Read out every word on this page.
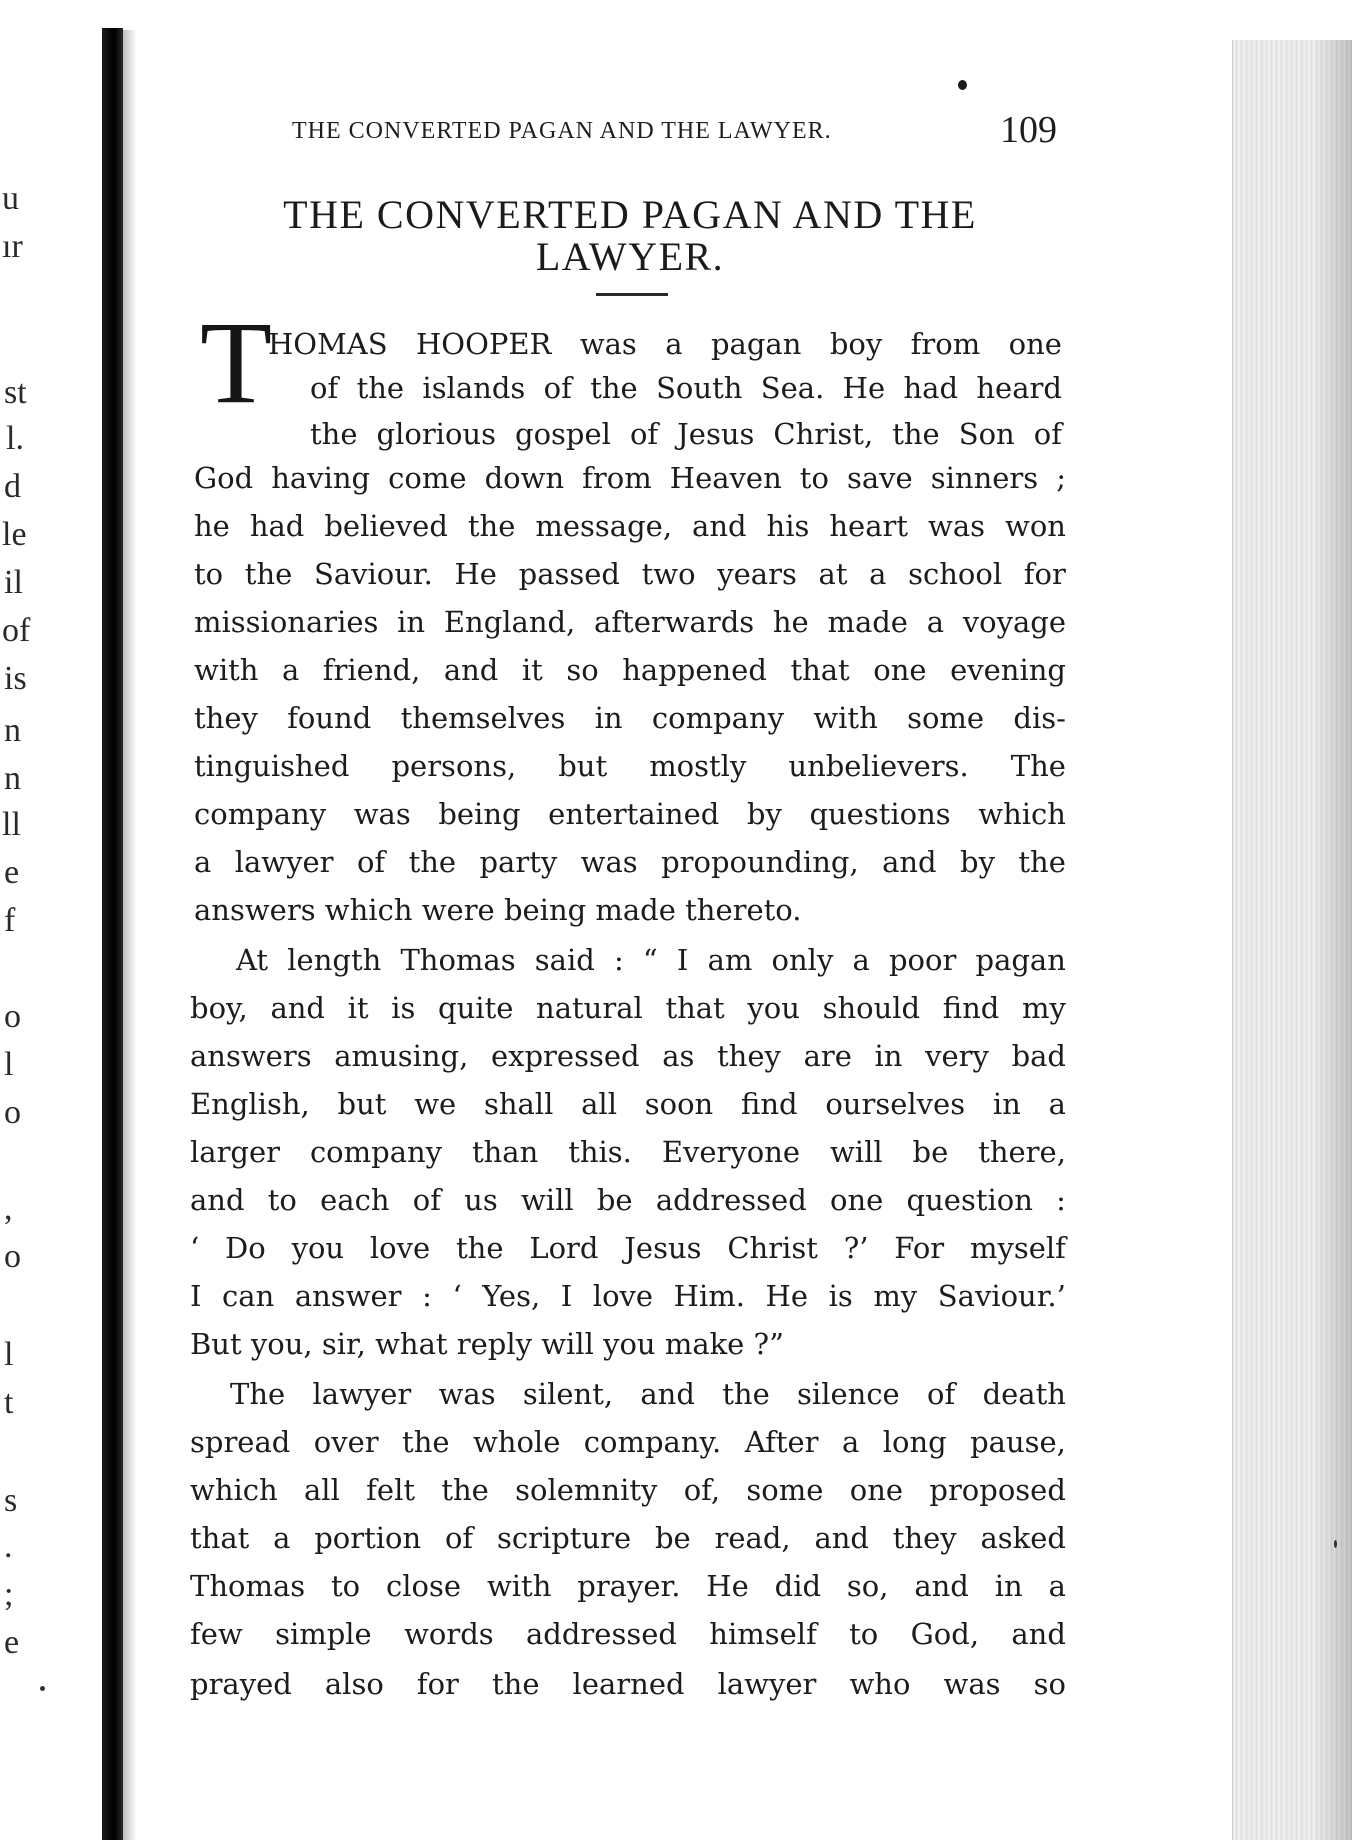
u
ır
st
l.
d
le
il
of
is
n
n
ll
e
f
o
l
o
,
o
l
t
s
.
;
e
THE CONVERTED PAGAN AND THE LAWYER.	109
THE CONVERTED PAGAN AND THE
LAWYER.
T
HOMAS HOOPER was a pagan boy from one
of the islands of the South Sea. He had heard
the glorious gospel of Jesus Christ, the Son of
God having come down from Heaven to save sinners ;
he had believed the message, and his heart was won
to the Saviour. He passed two years at a school for
missionaries in England, afterwards he made a voyage
with a friend, and it so happened that one evening
they found themselves in company with some dis-
tinguished persons, but mostly unbelievers. The
company was being entertained by questions which
a lawyer of the party was propounding, and by the
answers which were being made thereto.
At length Thomas said : “ I am only a poor pagan
boy, and it is quite natural that you should find my
answers amusing, expressed as they are in very bad
English, but we shall all soon find ourselves in a
larger company than this. Everyone will be there,
and to each of us will be addressed one question :
‘ Do you love the Lord Jesus Christ ?’ For myself
I can answer : ‘ Yes, I love Him. He is my Saviour.’
But you, sir, what reply will you make ?”
The lawyer was silent, and the silence of death
spread over the whole company. After a long pause,
which all felt the solemnity of, some one proposed
that a portion of scripture be read, and they asked
Thomas to close with prayer. He did so, and in a
few simple words addressed himself to God, and
prayed also for the learned lawyer who was so
